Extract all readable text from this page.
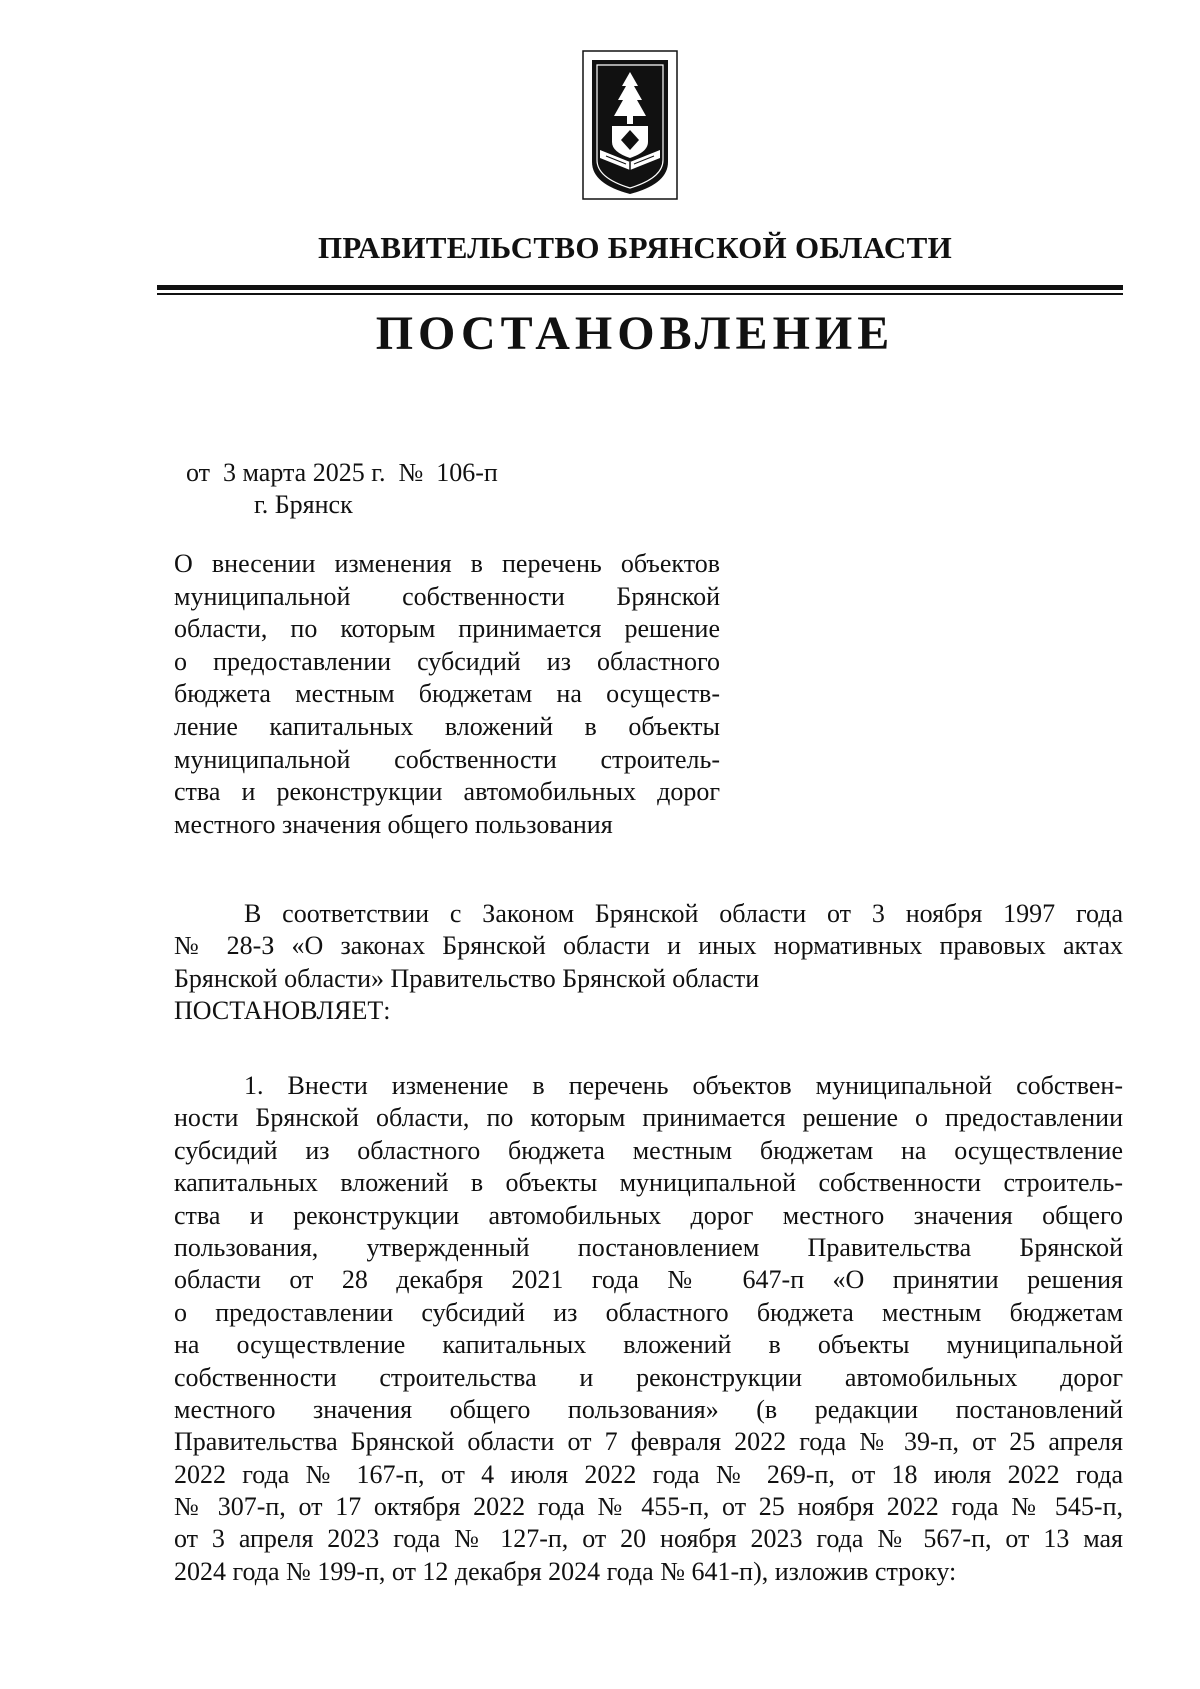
ПРАВИТЕЛЬСТВО БРЯНСКОЙ ОБЛАСТИ
ПОСТАНОВЛЕНИЕ
от  3 марта 2025 г.  №  106-п
г. Брянск
О внесении изменения в перечень объектов
муниципальной собственности Брянской
области, по которым принимается решение
о предоставлении субсидий из областного
бюджета местным бюджетам на осуществ-
ление капитальных вложений в объекты
муниципальной собственности строитель-
ства и реконструкции автомобильных дорог
местного значения общего пользования
В соответствии с Законом Брянской области от 3 ноября 1997 года
№ 28-З «О законах Брянской области и иных нормативных правовых актах
Брянской области» Правительство Брянской области
ПОСТАНОВЛЯЕТ:
1. Внести изменение в перечень объектов муниципальной собствен-
ности Брянской области, по которым принимается решение о предоставлении
субсидий из областного бюджета местным бюджетам на осуществление
капитальных вложений в объекты муниципальной собственности строитель-
ства и реконструкции автомобильных дорог местного значения общего
пользования, утвержденный постановлением Правительства Брянской
области от 28 декабря 2021 года № 647-п «О принятии решения
о предоставлении субсидий из областного бюджета местным бюджетам
на осуществление капитальных вложений в объекты муниципальной
собственности строительства и реконструкции автомобильных дорог
местного значения общего пользования» (в редакции постановлений
Правительства Брянской области от 7 февраля 2022 года № 39-п, от 25 апреля
2022 года № 167-п, от 4 июля 2022 года № 269-п, от 18 июля 2022 года
№ 307-п, от 17 октября 2022 года № 455-п, от 25 ноября 2022 года № 545-п,
от 3 апреля 2023 года № 127-п, от 20 ноября 2023 года № 567-п, от 13 мая
2024 года № 199-п, от 12 декабря 2024 года № 641-п), изложив строку:
